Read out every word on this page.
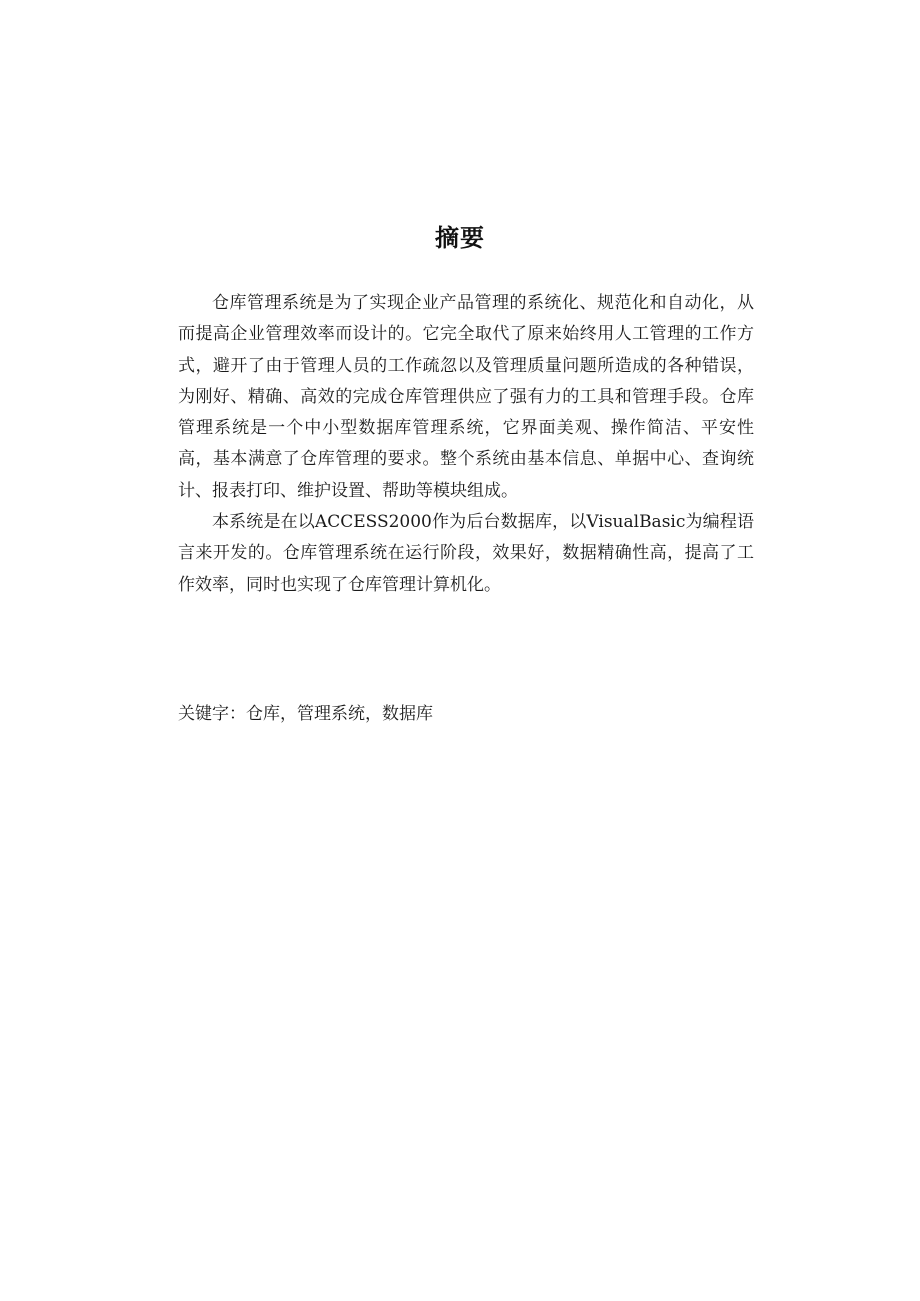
摘要

仓库管理系统是为了实现企业产品管理的系统化、规范化和自动化，从而提高企业管理效率而设计的。它完全取代了原来始终用人工管理的工作方式，避开了由于管理人员的工作疏忽以及管理质量问题所造成的各种错误，为刚好、精确、高效的完成仓库管理供应了强有力的工具和管理手段。仓库管理系统是一个中小型数据库管理系统，它界面美观、操作简洁、平安性高，基本满意了仓库管理的要求。整个系统由基本信息、单据中心、查询统计、报表打印、维护设置、帮助等模块组成。

本系统是在以ACCESS2000作为后台数据库，以VisualBasic为编程语言来开发的。仓库管理系统在运行阶段，效果好，数据精确性高，提高了工作效率，同时也实现了仓库管理计算机化。

关键字：仓库，管理系统，数据库
